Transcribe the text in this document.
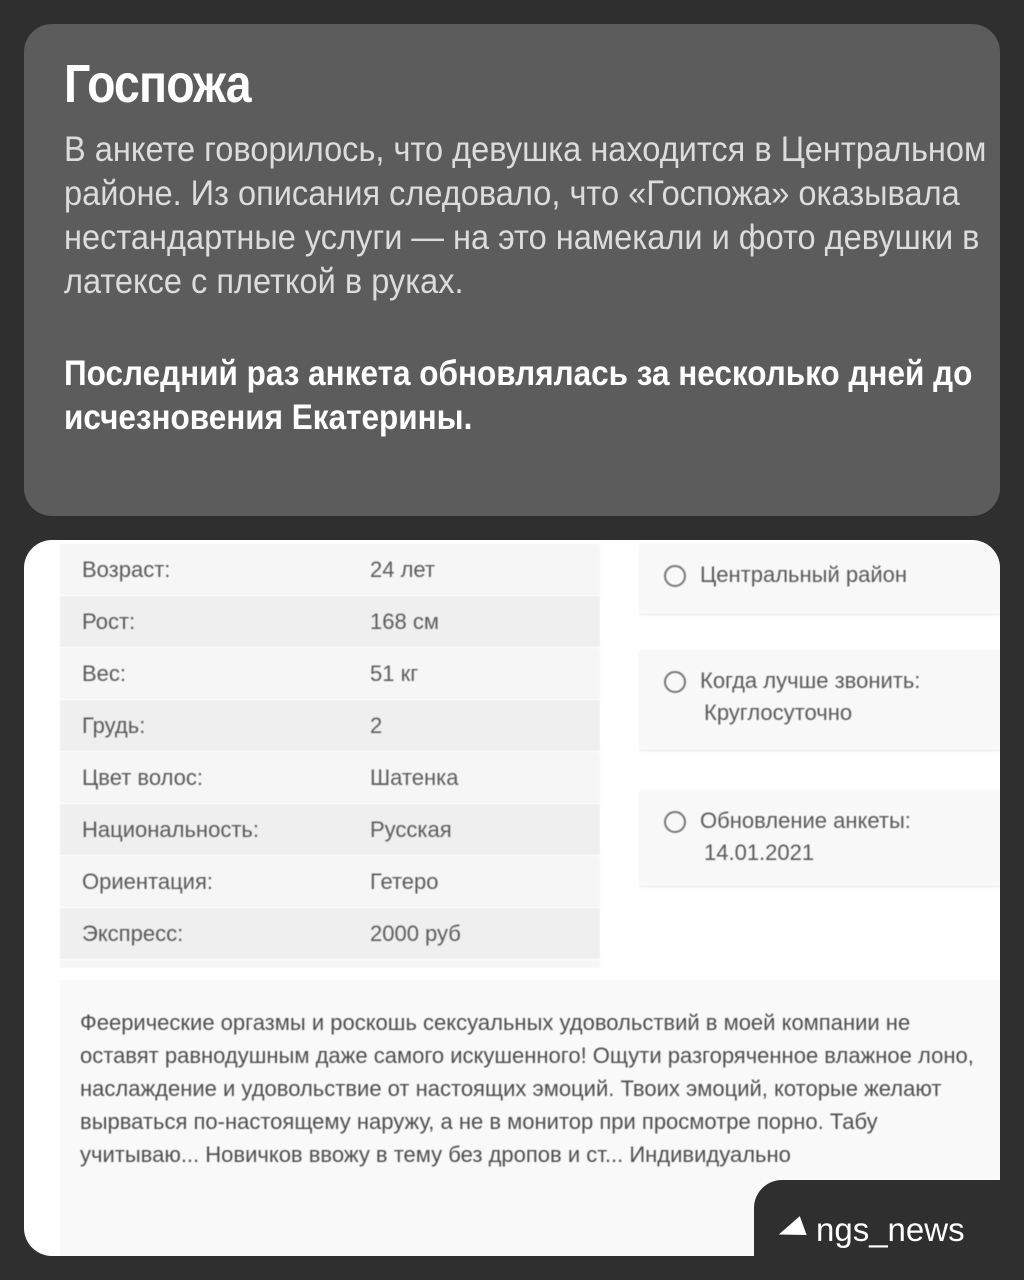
Госпожа

В анкете говорилось, что девушка находится в Центральном районе. Из описания следовало, что «Госпожа» оказывала нестандартные услуги — на это намекали и фото девушки в латексе с плеткой в руках.

Последний раз анкета обновлялась за несколько дней до исчезновения Екатерины.

Возраст:	24 лет
Рост:	168 см
Вес:	51 кг
Грудь:	2
Цвет волос:	Шатенка
Национальность:	Русская
Ориентация:	Гетеро
Экспресс:	2000 руб
Центральный район
Когда лучше звонить:
Круглосуточно
Обновление анкеты:
14.01.2021
Феерические оргазмы и роскошь сексуальных удовольствий в моей компании не оставят равнодушным даже самого искушенного! Ощути разгоряченное влажное лоно, наслаждение и удовольствие от настоящих эмоций. Твоих эмоций, которые желают вырваться по-настоящему наружу, а не в монитор при просмотре порно. Табу учитываю... Новичков ввожу в тему без дропов и ст... Индивидуально
ngs_news
